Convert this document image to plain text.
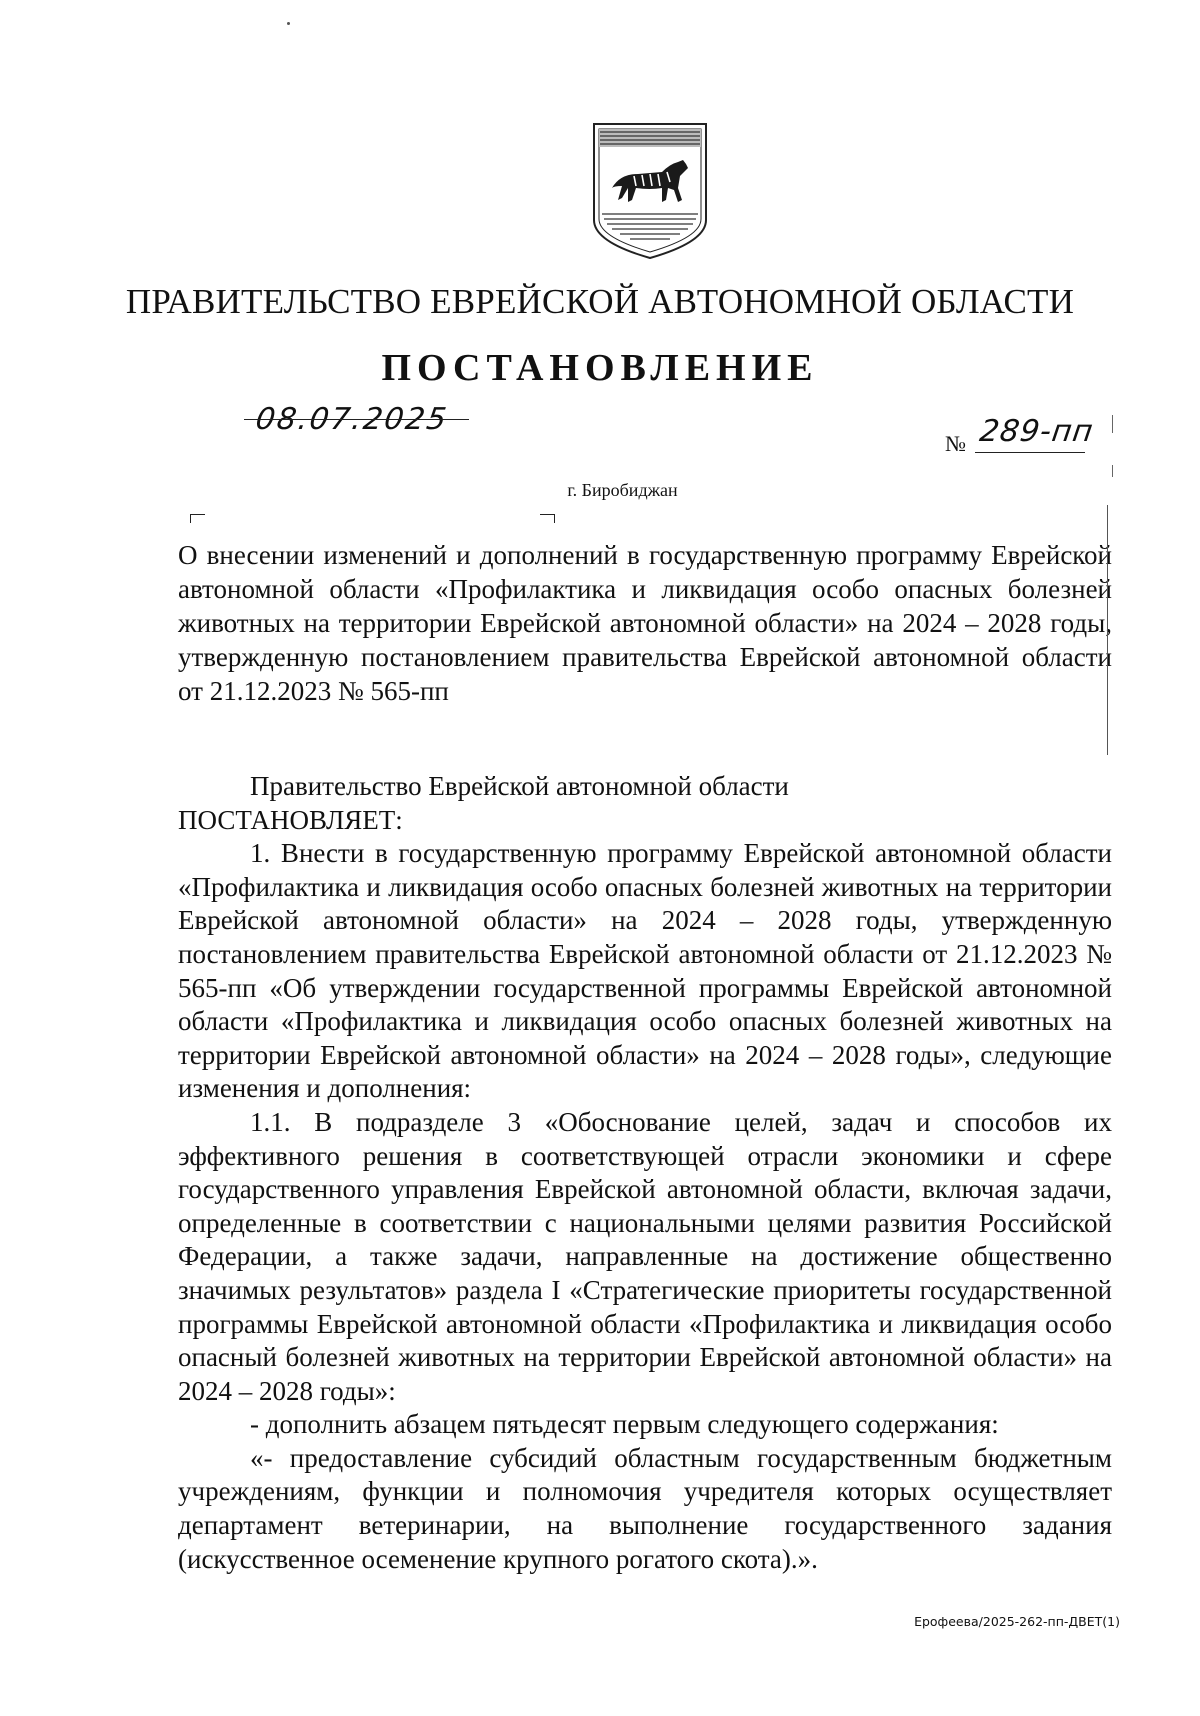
ПРАВИТЕЛЬСТВО ЕВРЕЙСКОЙ АВТОНОМНОЙ ОБЛАСТИ
ПОСТАНОВЛЕНИЕ
08.07.2025
№ 289-пп
г. Биробиджан
О внесении изменений и дополнений в государственную программу Еврейской автономной области «Профилактика и ликвидация особо опасных болезней животных на территории Еврейской автономной области» на 2024 – 2028 годы, утвержденную постановлением правительства Еврейской автономной области от 21.12.2023 № 565-пп

Правительство Еврейской автономной области

ПОСТАНОВЛЯЕТ:

1. Внести в государственную программу Еврейской автономной области «Профилактика и ликвидация особо опасных болезней животных на территории Еврейской автономной области» на 2024 – 2028 годы, утвержденную постановлением правительства Еврейской автономной области от 21.12.2023 № 565-пп «Об утверждении государственной программы Еврейской автономной области «Профилактика и ликвидация особо опасных болезней животных на территории Еврейской автономной области» на 2024 – 2028 годы», следующие изменения и дополнения:

1.1. В подразделе 3 «Обоснование целей, задач и способов их эффективного решения в соответствующей отрасли экономики и сфере государственного управления Еврейской автономной области, включая задачи, определенные в соответствии с национальными целями развития Российской Федерации, а также задачи, направленные на достижение общественно значимых результатов» раздела I «Стратегические приоритеты государственной программы Еврейской автономной области «Профилактика и ликвидация особо опасный болезней животных на территории Еврейской автономной области» на 2024 – 2028 годы»:

- дополнить абзацем пятьдесят первым следующего содержания:

«- предоставление субсидий областным государственным бюджетным учреждениям, функции и полномочия учредителя которых осуществляет департамент ветеринарии, на выполнение государственного задания (искусственное осеменение крупного рогатого скота).».

Ерофеева/2025-262-пп-ДВЕТ(1)
